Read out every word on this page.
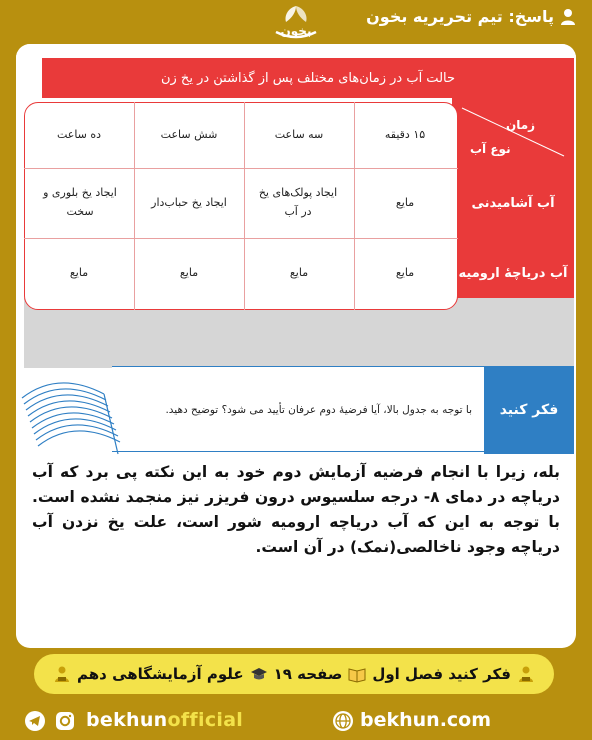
پاسخ: تیم تحریریه بخون
بخون
حالت آب در زمان‌های مختلف پس از گذاشتن در یخ زن
زمان
نوع آب
آب آشامیدنی
آب دریاچهٔ ارومیه
۱۵ دقیقه
سه ساعت
شش ساعت
ده ساعت
مایع
ایجاد پولک‌های یخ در آب
ایجاد یخ حباب‌دار
ایجاد یخ بلوری و سخت
مایع
مایع
مایع
مایع
فکر کنید
با توجه به جدول بالا، آیا فرضیهٔ دوم عرفان تأیید می شود؟ توضیح دهید.
بله، زیرا با انجام فرضیه آزمایش دوم خود به این نکته پی برد که آب دریاچه در دمای ۸- درجه سلسیوس درون فریزر نیز منجمد نشده است. با توجه به این که آب دریاچه ارومیه شور است، علت یخ نزدن آب دریاچه وجود ناخالصی(نمک) در آن است.
فکر کنید فصل اول
صفحه ۱۹
علوم آزمایشگاهی دهم
bekhunofficial	bekhun.com
